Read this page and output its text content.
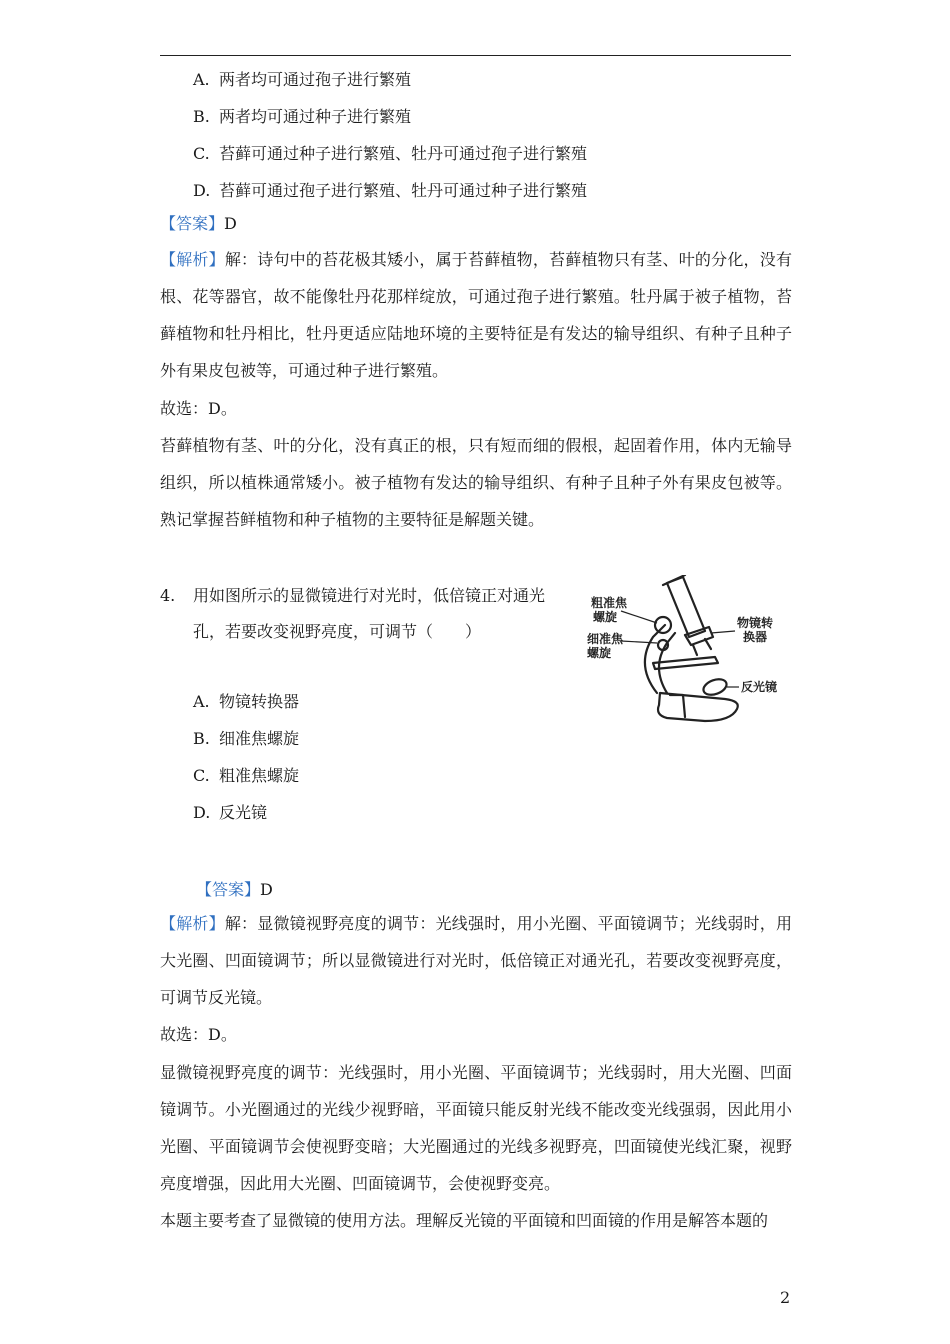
A. 两者均可通过孢子进行繁殖
B. 两者均可通过种子进行繁殖
C. 苔藓可通过种子进行繁殖、牡丹可通过孢子进行繁殖
D. 苔藓可通过孢子进行繁殖、牡丹可通过种子进行繁殖
【答案】D
【解析】解：诗句中的苔花极其矮小，属于苔藓植物，苔藓植物只有茎、叶的分化，没有根、花等器官，故不能像牡丹花那样绽放，可通过孢子进行繁殖。牡丹属于被子植物，苔藓植物和牡丹相比，牡丹更适应陆地环境的主要特征是有发达的输导组织、有种子且种子外有果皮包被等，可通过种子进行繁殖。
故选：D。
苔藓植物有茎、叶的分化，没有真正的根，只有短而细的假根，起固着作用，体内无输导组织，所以植株通常矮小。被子植物有发达的输导组织、有种子且种子外有果皮包被等。熟记掌握苔鲜植物和种子植物的主要特征是解题关键。
4. 用如图所示的显微镜进行对光时，低倍镜正对通光
孔，若要改变视野亮度，可调节（　　）
粗准焦
螺旋
细准焦
螺旋
物镜转
换器
反光镜
A. 物镜转换器
B. 细准焦螺旋
C. 粗准焦螺旋
D. 反光镜
【答案】D
【解析】解：显微镜视野亮度的调节：光线强时，用小光圈、平面镜调节；光线弱时，用大光圈、凹面镜调节；所以显微镜进行对光时，低倍镜正对通光孔，若要改变视野亮度，可调节反光镜。
故选：D。
显微镜视野亮度的调节：光线强时，用小光圈、平面镜调节；光线弱时，用大光圈、凹面镜调节。小光圈通过的光线少视野暗，平面镜只能反射光线不能改变光线强弱，因此用小光圈、平面镜调节会使视野变暗；大光圈通过的光线多视野亮，凹面镜使光线汇聚，视野亮度增强，因此用大光圈、凹面镜调节，会使视野变亮。
本题主要考查了显微镜的使用方法。理解反光镜的平面镜和凹面镜的作用是解答本题的
2
